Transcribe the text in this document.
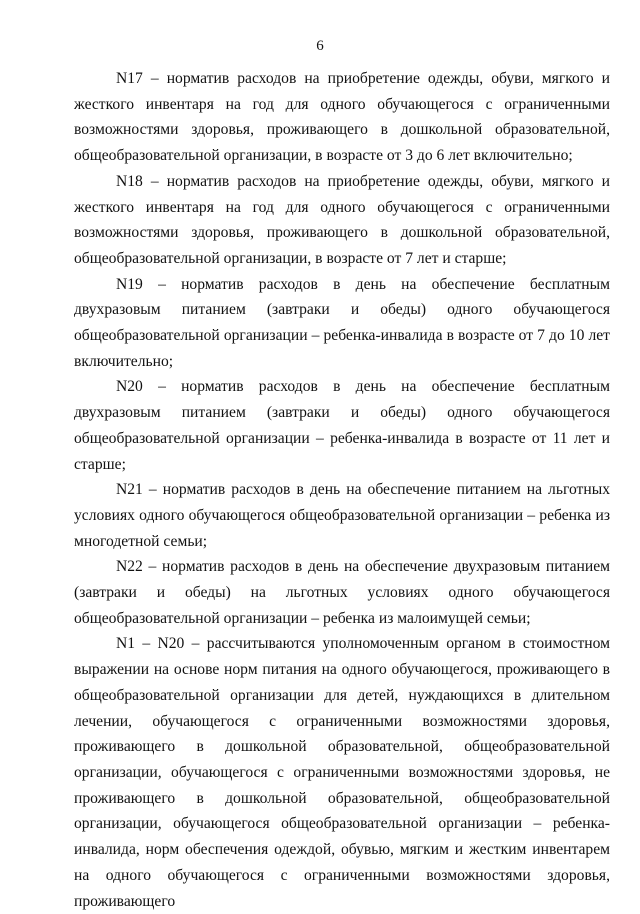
6

N17 – норматив расходов на приобретение одежды, обуви, мягкого и жесткого инвентаря на год для одного обучающегося с ограниченными возможностями здоровья, проживающего в дошкольной образовательной, общеобразовательной организации, в возрасте от 3 до 6 лет включительно;

N18 – норматив расходов на приобретение одежды, обуви, мягкого и жесткого инвентаря на год для одного обучающегося с ограниченными возможностями здоровья, проживающего в дошкольной образовательной, общеобразовательной организации, в возрасте от 7 лет и старше;

N19 – норматив расходов в день на обеспечение бесплатным двухразовым питанием (завтраки и обеды) одного обучающегося общеобразовательной организации – ребенка-инвалида в возрасте от 7 до 10 лет включительно;

N20 – норматив расходов в день на обеспечение бесплатным двухразовым питанием (завтраки и обеды) одного обучающегося общеобразовательной организации – ребенка-инвалида в возрасте от 11 лет и старше;

N21 – норматив расходов в день на обеспечение питанием на льготных условиях одного обучающегося общеобразовательной организации – ребенка из многодетной семьи;

N22 – норматив расходов в день на обеспечение двухразовым питанием (завтраки и обеды) на льготных условиях одного обучающегося общеобразовательной организации – ребенка из малоимущей семьи;

N1 – N20 – рассчитываются уполномоченным органом в стоимостном выражении на основе норм питания на одного обучающегося, проживающего в общеобразовательной организации для детей, нуждающихся в длительном лечении, обучающегося с ограниченными возможностями здоровья, проживающего в дошкольной образовательной, общеобразовательной организации, обучающегося с ограниченными возможностями здоровья, не проживающего в дошкольной образовательной, общеобразовательной организации, обучающегося общеобразовательной организации – ребенка-инвалида, норм обеспечения одеждой, обувью, мягким и жестким инвентарем на одного обучающегося с ограниченными возможностями здоровья, проживающего
